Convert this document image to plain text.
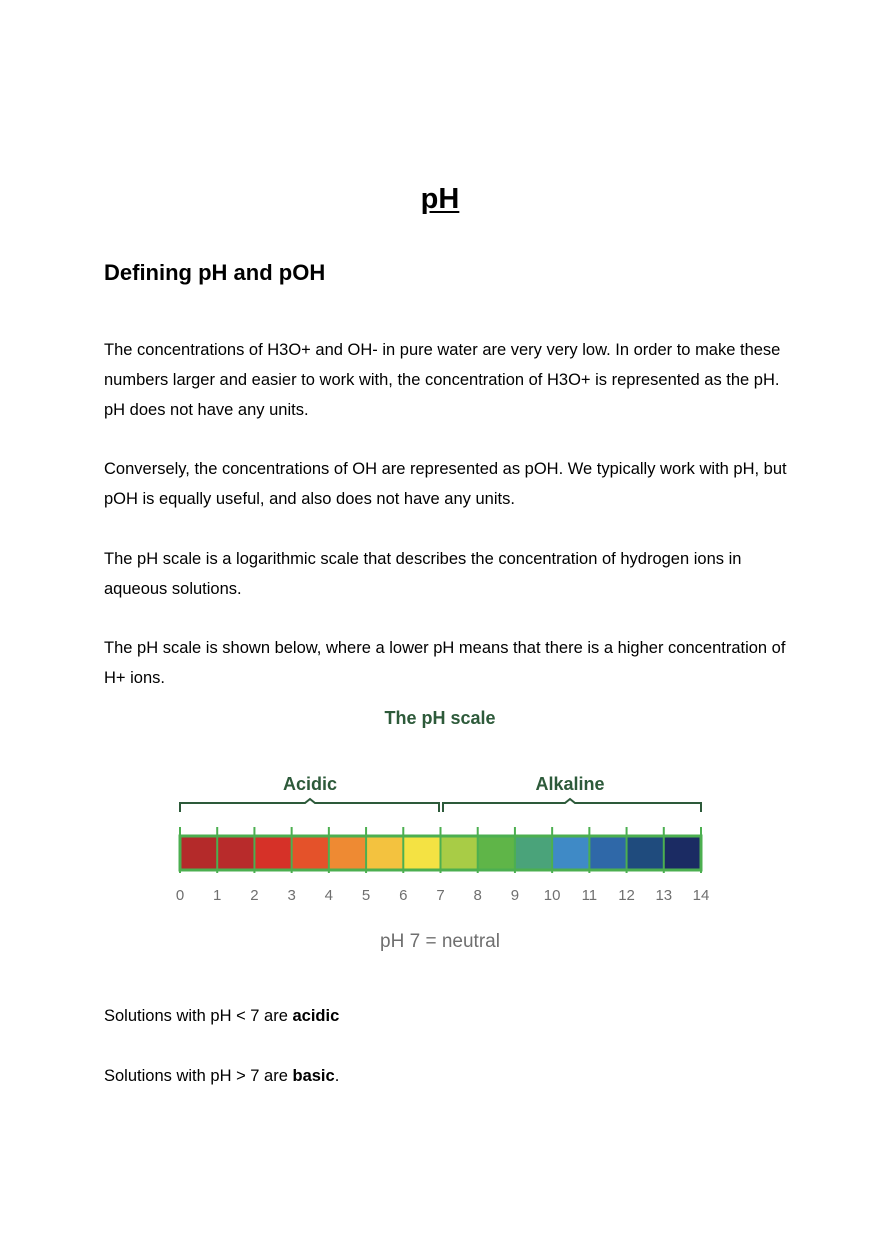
pH
Defining pH and pOH

The concentrations of H3O+ and OH- in pure water are very very low. In order to make these numbers larger and easier to work with, the concentration of H3O+ is represented as the pH. pH does not have any units.

Conversely, the concentrations of OH are represented as pOH. We typically work with pH, but pOH is equally useful, and also does not have any units.

The pH scale is a logarithmic scale that describes the concentration of hydrogen ions in aqueous solutions.

The pH scale is shown below, where a lower pH means that there is a higher concentration of H+ ions.

The pH scale
Acidic	Alkaline
0 1 2 3 4 5 6 7 8 9 10 11 12 13 14
pH 7 = neutral

Solutions with pH < 7 are acidic

Solutions with pH > 7 are basic.
